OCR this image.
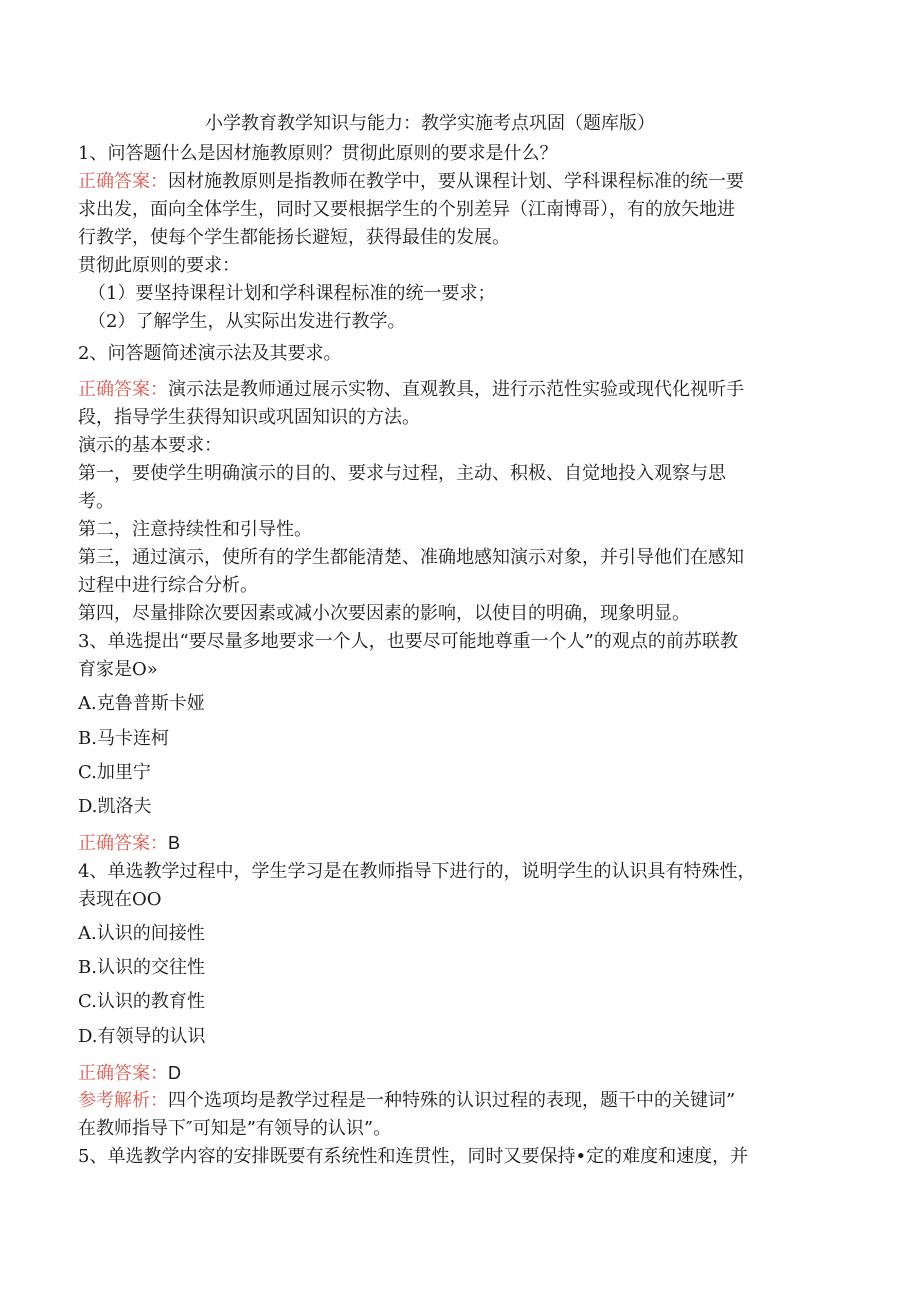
小学教育教学知识与能力：教学实施考点巩固（题库版）
1、问答题什么是因材施教原则？贯彻此原则的要求是什么？
正确答案：因材施教原则是指教师在教学中，要从课程计划、学科课程标准的统一要
求出发，面向全体学生，同时又要根据学生的个别差异（江南博哥），有的放矢地进
行教学，使每个学生都能扬长避短，获得最佳的发展。
贯彻此原则的要求：
（1）要坚持课程计划和学科课程标准的统一要求；
（2）了解学生，从实际出发进行教学。
2、问答题简述演示法及其要求。
正确答案：演示法是教师通过展示实物、直观教具，进行示范性实验或现代化视听手
段，指导学生获得知识或巩固知识的方法。
演示的基本要求：
第一，要使学生明确演示的目的、要求与过程，主动、积极、自觉地投入观察与思
考。
第二，注意持续性和引导性。
第三，通过演示，使所有的学生都能清楚、准确地感知演示对象，并引导他们在感知
过程中进行综合分析。
第四，尽量排除次要因素或减小次要因素的影响，以使目的明确，现象明显。
3、单选提出“要尽量多地要求一个人，也要尽可能地尊重一个人”的观点的前苏联教
育家是O»
A.克鲁普斯卡娅
B.马卡连柯
C.加里宁
D.凯洛夫
正确答案：B
4、单选教学过程中，学生学习是在教师指导下进行的，说明学生的认识具有特殊性，
表现在OO
A.认识的间接性
B.认识的交往性
C.认识的教育性
D.有领导的认识
正确答案：D
参考解析：四个选项均是教学过程是一种特殊的认识过程的表现，题干中的关键词”
在教师指导下″可知是”有领导的认识”。
5、单选教学内容的安排既要有系统性和连贯性，同时又要保持•定的难度和速度，并
